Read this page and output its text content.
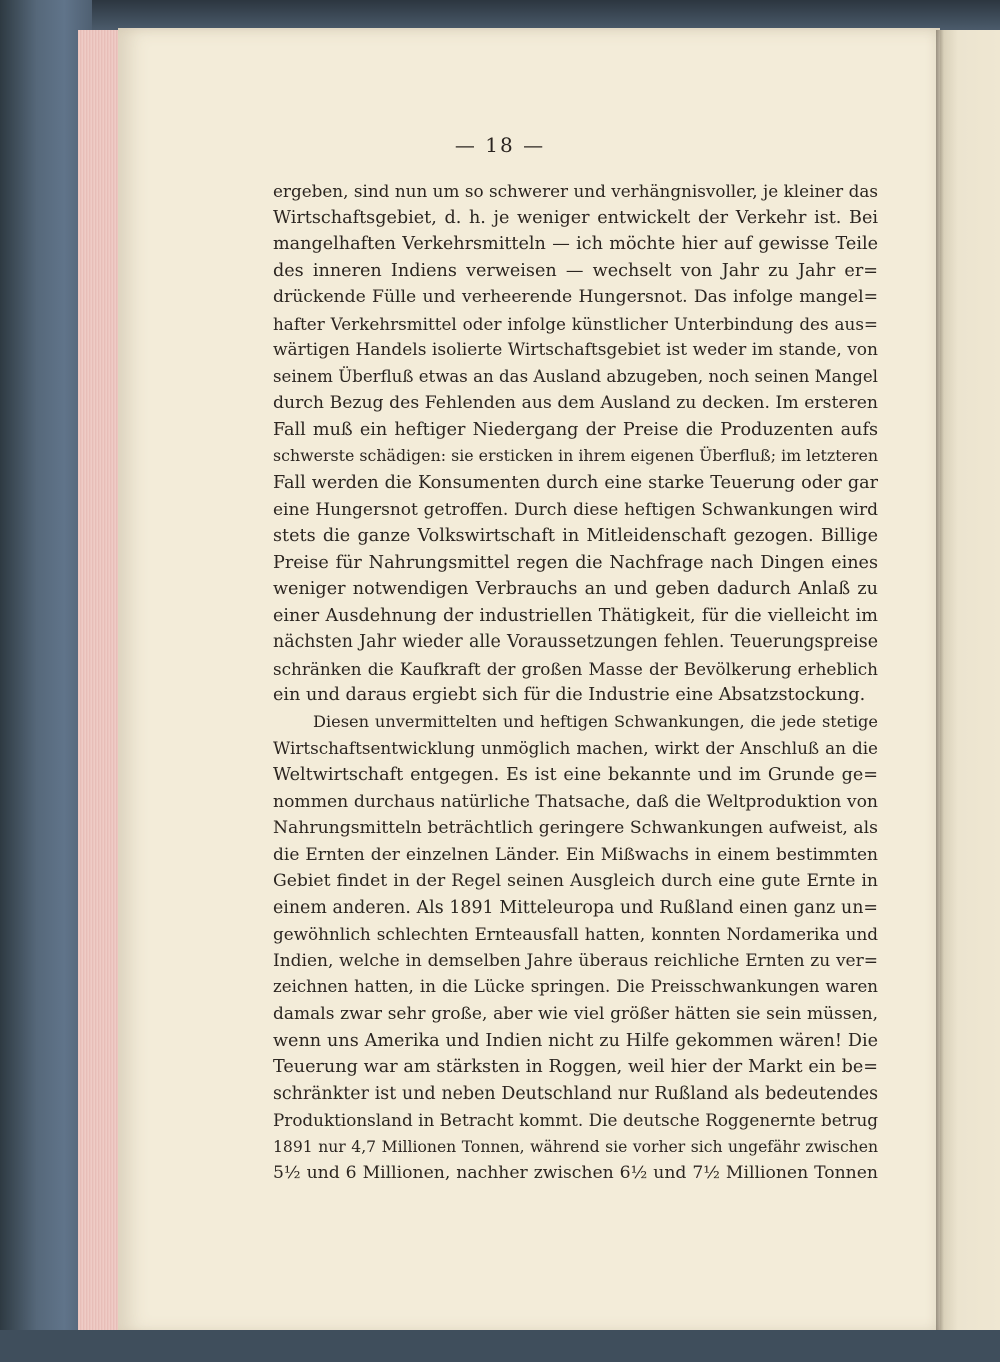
— 18 —
ergeben, sind nun um so schwerer und verhängnisvoller, je kleiner das
Wirtschaftsgebiet, d. h. je weniger entwickelt der Verkehr ist. Bei
mangelhaften Verkehrsmitteln — ich möchte hier auf gewisse Teile
des inneren Indiens verweisen — wechselt von Jahr zu Jahr er=
drückende Fülle und verheerende Hungersnot. Das infolge mangel=
hafter Verkehrsmittel oder infolge künstlicher Unterbindung des aus=
wärtigen Handels isolierte Wirtschaftsgebiet ist weder im stande, von
seinem Überfluß etwas an das Ausland abzugeben, noch seinen Mangel
durch Bezug des Fehlenden aus dem Ausland zu decken. Im ersteren
Fall muß ein heftiger Niedergang der Preise die Produzenten aufs
schwerste schädigen: sie ersticken in ihrem eigenen Überfluß; im letzteren
Fall werden die Konsumenten durch eine starke Teuerung oder gar
eine Hungersnot getroffen. Durch diese heftigen Schwankungen wird
stets die ganze Volkswirtschaft in Mitleidenschaft gezogen. Billige
Preise für Nahrungsmittel regen die Nachfrage nach Dingen eines
weniger notwendigen Verbrauchs an und geben dadurch Anlaß zu
einer Ausdehnung der industriellen Thätigkeit, für die vielleicht im
nächsten Jahr wieder alle Voraussetzungen fehlen. Teuerungspreise
schränken die Kaufkraft der großen Masse der Bevölkerung erheblich
ein und daraus ergiebt sich für die Industrie eine Absatzstockung.
Diesen unvermittelten und heftigen Schwankungen, die jede stetige
Wirtschaftsentwicklung unmöglich machen, wirkt der Anschluß an die
Weltwirtschaft entgegen. Es ist eine bekannte und im Grunde ge=
nommen durchaus natürliche Thatsache, daß die Weltproduktion von
Nahrungsmitteln beträchtlich geringere Schwankungen aufweist, als
die Ernten der einzelnen Länder. Ein Mißwachs in einem bestimmten
Gebiet findet in der Regel seinen Ausgleich durch eine gute Ernte in
einem anderen. Als 1891 Mitteleuropa und Rußland einen ganz un=
gewöhnlich schlechten Ernteausfall hatten, konnten Nordamerika und
Indien, welche in demselben Jahre überaus reichliche Ernten zu ver=
zeichnen hatten, in die Lücke springen. Die Preisschwankungen waren
damals zwar sehr große, aber wie viel größer hätten sie sein müssen,
wenn uns Amerika und Indien nicht zu Hilfe gekommen wären! Die
Teuerung war am stärksten in Roggen, weil hier der Markt ein be=
schränkter ist und neben Deutschland nur Rußland als bedeutendes
Produktionsland in Betracht kommt. Die deutsche Roggenernte betrug
1891 nur 4,7 Millionen Tonnen, während sie vorher sich ungefähr zwischen
5½ und 6 Millionen, nachher zwischen 6½ und 7½ Millionen Tonnen
